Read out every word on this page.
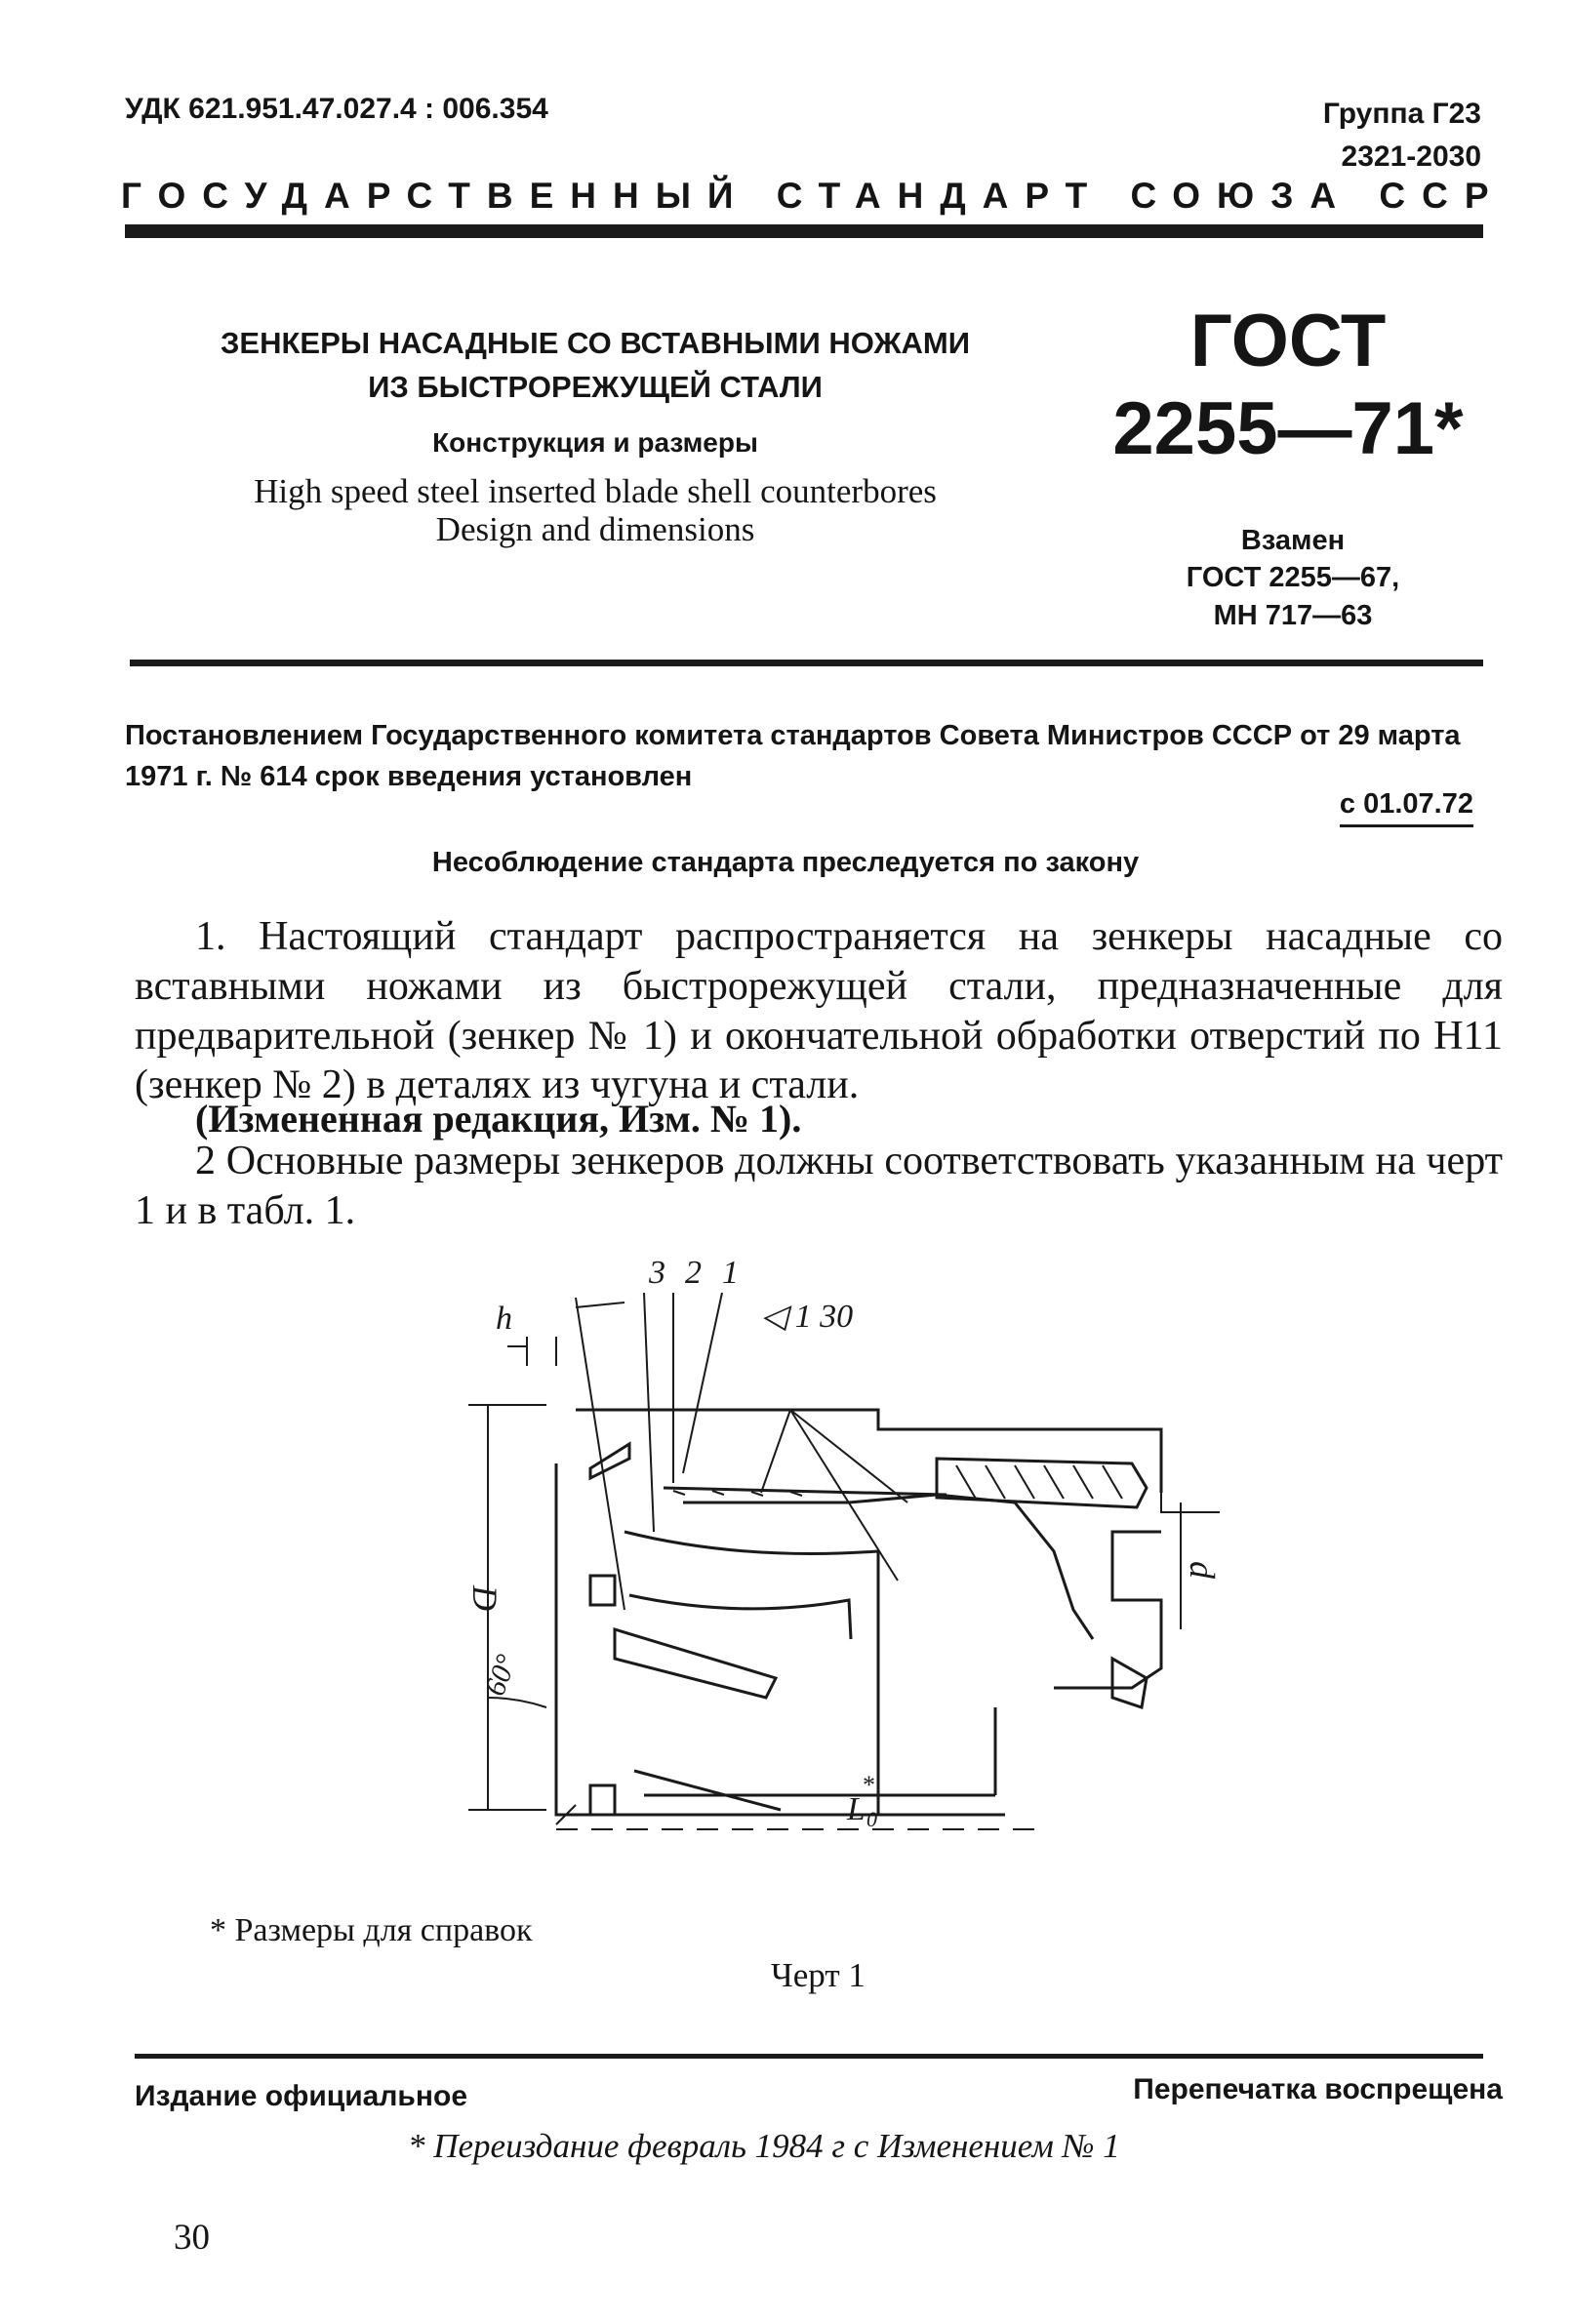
УДК 621.951.47.027.4 : 006.354	Группа Г23
2321-2030
ГОСУДАРСТВЕННЫЙ СТАНДАРТ СОЮЗА ССР
ЗЕНКЕРЫ НАСАДНЫЕ СО ВСТАВНЫМИ НОЖАМИ
ИЗ БЫСТРОРЕЖУЩЕЙ СТАЛИ
Конструкция и размеры
High speed steel inserted blade shell counterbores
Design and dimensions
ГОСТ
2255—71*
Взамен
ГОСТ 2255—67,
МН 717—63
Постановлением Государственного комитета стандартов Совета Министров СССР от 29 марта 1971 г. № 614 срок введения установлен
с 01.07.72
Несоблюдение стандарта преследуется по закону
1. Настоящий стандарт распространяется на зенкеры насадные со вставными ножами из быстрорежущей стали, предназначенные для предварительной (зенкер № 1) и окончательной обработки отверстий по Н11 (зенкер № 2) в деталях из чугуна и стали.
(Измененная редакция, Изм. № 1).
2 Основные размеры зенкеров должны соответствовать указанным на черт 1 и в табл. 1.
3 2 1
h	◁ 1 30
D
d
60°
L 0
*
* Размеры для справок
Черт 1
Издание официальное	Перепечатка воспрещена
* Переиздание февраль 1984 г с Изменением № 1
30
